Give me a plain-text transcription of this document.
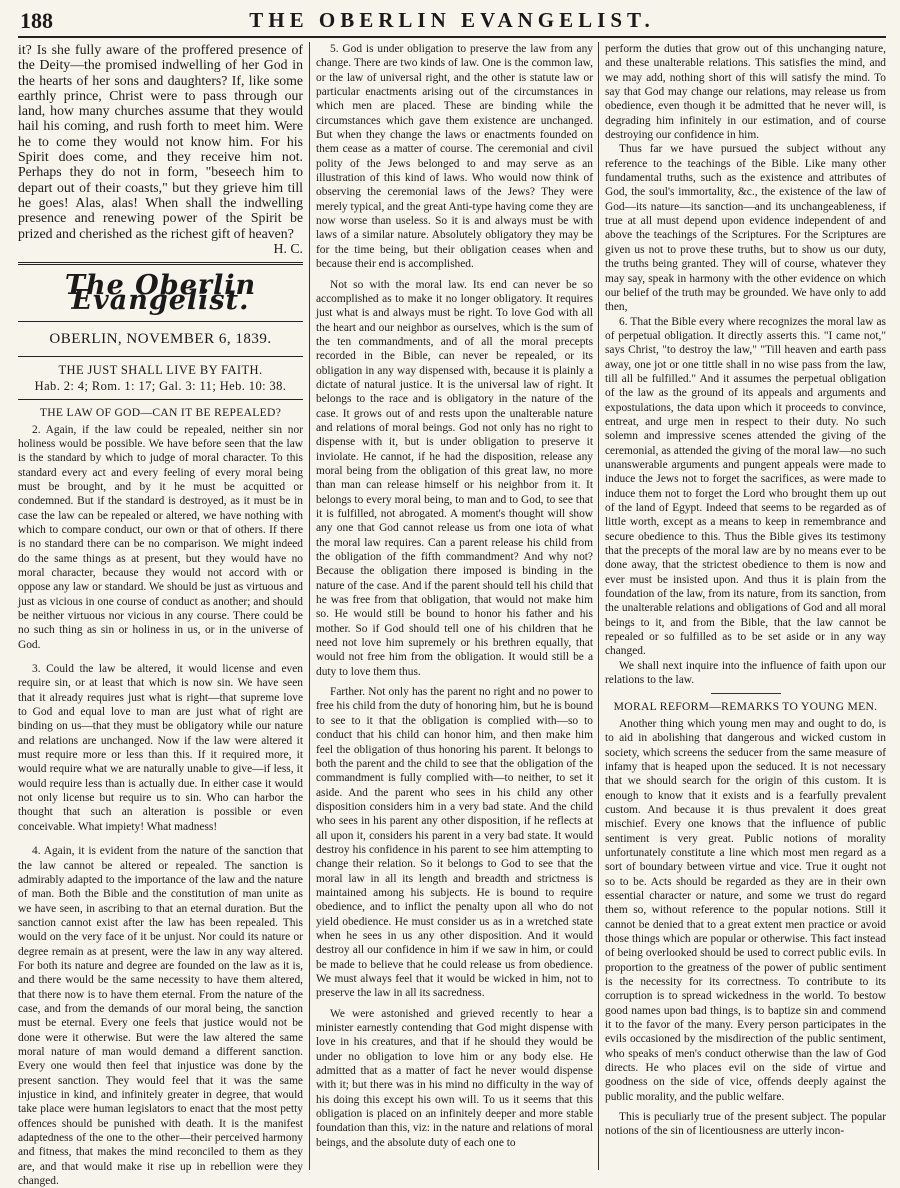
188	THE OBERLIN EVANGELIST.

it? Is she fully aware of the proffered presence of the Deity—the promised indwelling of her God in the hearts of her sons and daughters? If, like some earthly prince, Christ were to pass through our land, how many churches assume that they would hail his coming, and rush forth to meet him. Were he to come they would not know him. For his Spirit does come, and they receive him not. Perhaps they do not in form, "beseech him to depart out of their coasts," but they grieve him till he goes! Alas, alas! When shall the indwelling presence and renewing power of the Spirit be prized and cherished as the richest gift of heaven?

H. C.
The Oberlin Evangelist.
OBERLIN, NOVEMBER 6, 1839.
THE JUST SHALL LIVE BY FAITH.
Hab. 2: 4; Rom. 1: 17; Gal. 3: 11; Heb. 10: 38.
THE LAW OF GOD—CAN IT BE REPEALED?

2. Again, if the law could be repealed, neither sin nor holiness would be possible. We have before seen that the law is the standard by which to judge of moral character. To this standard every act and every feeling of every moral being must be brought, and by it he must be acquitted or condemned. But if the standard is destroyed, as it must be in case the law can be repealed or altered, we have nothing with which to compare conduct, our own or that of others. If there is no standard there can be no comparison. We might indeed do the same things as at present, but they would have no moral character, because they would not accord with or oppose any law or standard. We should be just as virtuous and just as vicious in one course of conduct as another; and should be neither virtuous nor vicious in any course. There could be no such thing as sin or holiness in us, or in the universe of God.

3. Could the law be altered, it would license and even require sin, or at least that which is now sin. We have seen that it already requires just what is right—that supreme love to God and equal love to man are just what of right are binding on us—that they must be obligatory while our nature and relations are unchanged. Now if the law were altered it must require more or less than this. If it required more, it would require what we are naturally unable to give—if less, it would require less than is actually due. In either case it would not only license but require us to sin. Who can harbor the thought that such an alteration is possible or even conceivable. What impiety! What madness!

4. Again, it is evident from the nature of the sanction that the law cannot be altered or repealed. The sanction is admirably adapted to the importance of the law and the nature of man. Both the Bible and the constitution of man unite as we have seen, in ascribing to that an eternal duration. But the sanction cannot exist after the law has been repealed. This would on the very face of it be unjust. Nor could its nature or degree remain as at present, were the law in any way altered. For both its nature and degree are founded on the law as it is, and there would be the same necessity to have them altered, that there now is to have them eternal. From the nature of the case, and from the demands of our moral being, the sanction must be eternal. Every one feels that justice would not be done were it otherwise. But were the law altered the same moral nature of man would demand a different sanction. Every one would then feel that injustice was done by the present sanction. They would feel that it was the same injustice in kind, and infinitely greater in degree, that would take place were human legislators to enact that the most petty offences should be punished with death. It is the manifest adaptedness of the one to the other—their perceived harmony and fitness, that makes the mind reconciled to them as they are, and that would make it rise up in rebellion were they changed.

5. God is under obligation to preserve the law from any change. There are two kinds of law. One is the common law, or the law of universal right, and the other is statute law or particular enactments arising out of the circumstances in which men are placed. These are binding while the circumstances which gave them existence are unchanged. But when they change the laws or enactments founded on them cease as a matter of course. The ceremonial and civil polity of the Jews belonged to and may serve as an illustration of this kind of laws. Who would now think of observing the ceremonial laws of the Jews? They were merely typical, and the great Anti-type having come they are now worse than useless. So it is and always must be with laws of a similar nature. Absolutely obligatory they may be for the time being, but their obligation ceases when and because their end is accomplished.

Not so with the moral law. Its end can never be so accomplished as to make it no longer obligatory. It requires just what is and always must be right. To love God with all the heart and our neighbor as ourselves, which is the sum of the ten commandments, and of all the moral precepts recorded in the Bible, can never be repealed, or its obligation in any way dispensed with, because it is plainly a dictate of natural justice. It is the universal law of right. It belongs to the race and is obligatory in the nature of the case. It grows out of and rests upon the unalterable nature and relations of moral beings. God not only has no right to dispense with it, but is under obligation to preserve it inviolate. He cannot, if he had the disposition, release any moral being from the obligation of this great law, no more than man can release himself or his neighbor from it. It belongs to every moral being, to man and to God, to see that it is fulfilled, not abrogated. A moment's thought will show any one that God cannot release us from one iota of what the moral law requires. Can a parent release his child from the obligation of the fifth commandment? And why not? Because the obligation there imposed is binding in the nature of the case. And if the parent should tell his child that he was free from that obligation, that would not make him so. He would still be bound to honor his father and his mother. So if God should tell one of his children that he need not love him supremely or his brethren equally, that would not free him from the obligation. It would still be a duty to love them thus.

Farther. Not only has the parent no right and no power to free his child from the duty of honoring him, but he is bound to see to it that the obligation is complied with—so to conduct that his child can honor him, and then make him feel the obligation of thus honoring his parent. It belongs to both the parent and the child to see that the obligation of the commandment is fully complied with—to neither, to set it aside. And the parent who sees in his child any other disposition considers him in a very bad state. And the child who sees in his parent any other disposition, if he reflects at all upon it, considers his parent in a very bad state. It would destroy his confidence in his parent to see him attempting to change their relation. So it belongs to God to see that the moral law in all its length and breadth and strictness is maintained among his subjects. He is bound to require obedience, and to inflict the penalty upon all who do not yield obedience. He must consider us as in a wretched state when he sees in us any other disposition. And it would destroy all our confidence in him if we saw in him, or could be made to believe that he could release us from obedience. We must always feel that it would be wicked in him, not to preserve the law in all its sacredness.

We were astonished and grieved recently to hear a minister earnestly contending that God might dispense with love in his creatures, and that if he should they would be under no obligation to love him or any body else. He admitted that as a matter of fact he never would dispense with it; but there was in his mind no difficulty in the way of his doing this except his own will. To us it seems that this obligation is placed on an infinitely deeper and more stable foundation than this, viz: in the nature and relations of moral beings, and the absolute duty of each one to

perform the duties that grow out of this unchanging nature, and these unalterable relations. This satisfies the mind, and we may add, nothing short of this will satisfy the mind. To say that God may change our relations, may release us from obedience, even though it be admitted that he never will, is degrading him infinitely in our estimation, and of course destroying our confidence in him.

Thus far we have pursued the subject without any reference to the teachings of the Bible. Like many other fundamental truths, such as the existence and attributes of God, the soul's immortality, &c., the existence of the law of God—its nature—its sanction—and its unchangeableness, if true at all must depend upon evidence independent of and above the teachings of the Scriptures. For the Scriptures are given us not to prove these truths, but to show us our duty, the truths being granted. They will of course, whatever they may say, speak in harmony with the other evidence on which our belief of the truth may be grounded. We have only to add then,

6. That the Bible every where recognizes the moral law as of perpetual obligation. It directly asserts this. "I came not," says Christ, "to destroy the law," "Till heaven and earth pass away, one jot or one tittle shall in no wise pass from the law, till all be fulfilled." And it assumes the perpetual obligation of the law as the ground of its appeals and arguments and expostulations, the data upon which it proceeds to convince, entreat, and urge men in respect to their duty. No such solemn and impressive scenes attended the giving of the ceremonial, as attended the giving of the moral law—no such unanswerable arguments and pungent appeals were made to induce the Jews not to forget the sacrifices, as were made to induce them not to forget the Lord who brought them up out of the land of Egypt. Indeed that seems to be regarded as of little worth, except as a means to keep in remembrance and secure obedience to this. Thus the Bible gives its testimony that the precepts of the moral law are by no means ever to be done away, that the strictest obedience to them is now and ever must be insisted upon. And thus it is plain from the foundation of the law, from its nature, from its sanction, from the unalterable relations and obligations of God and all moral beings to it, and from the Bible, that the law cannot be repealed or so fulfilled as to be set aside or in any way changed.

We shall next inquire into the influence of faith upon our relations to the law.

MORAL REFORM—REMARKS TO YOUNG MEN.

Another thing which young men may and ought to do, is to aid in abolishing that dangerous and wicked custom in society, which screens the seducer from the same measure of infamy that is heaped upon the seduced. It is not necessary that we should search for the origin of this custom. It is enough to know that it exists and is a fearfully prevalent custom. And because it is thus prevalent it does great mischief. Every one knows that the influence of public sentiment is very great. Public notions of morality unfortunately constitute a line which most men regard as a sort of boundary between virtue and vice. True it ought not so to be. Acts should be regarded as they are in their own essential character or nature, and some we trust do regard them so, without reference to the popular notions. Still it cannot be denied that to a great extent men practice or avoid those things which are popular or otherwise. This fact instead of being overlooked should be used to correct public evils. In proportion to the greatness of the power of public sentiment is the necessity for its correctness. To contribute to its corruption is to spread wickedness in the world. To bestow good names upon bad things, is to baptize sin and commend it to the favor of the many. Every person participates in the evils occasioned by the misdirection of the public sentiment, who speaks of men's conduct otherwise than the law of God directs. He who places evil on the side of virtue and goodness on the side of vice, offends deeply against the public morality, and the public welfare.

This is peculiarly true of the present subject. The popular notions of the sin of licentiousness are utterly incon-
